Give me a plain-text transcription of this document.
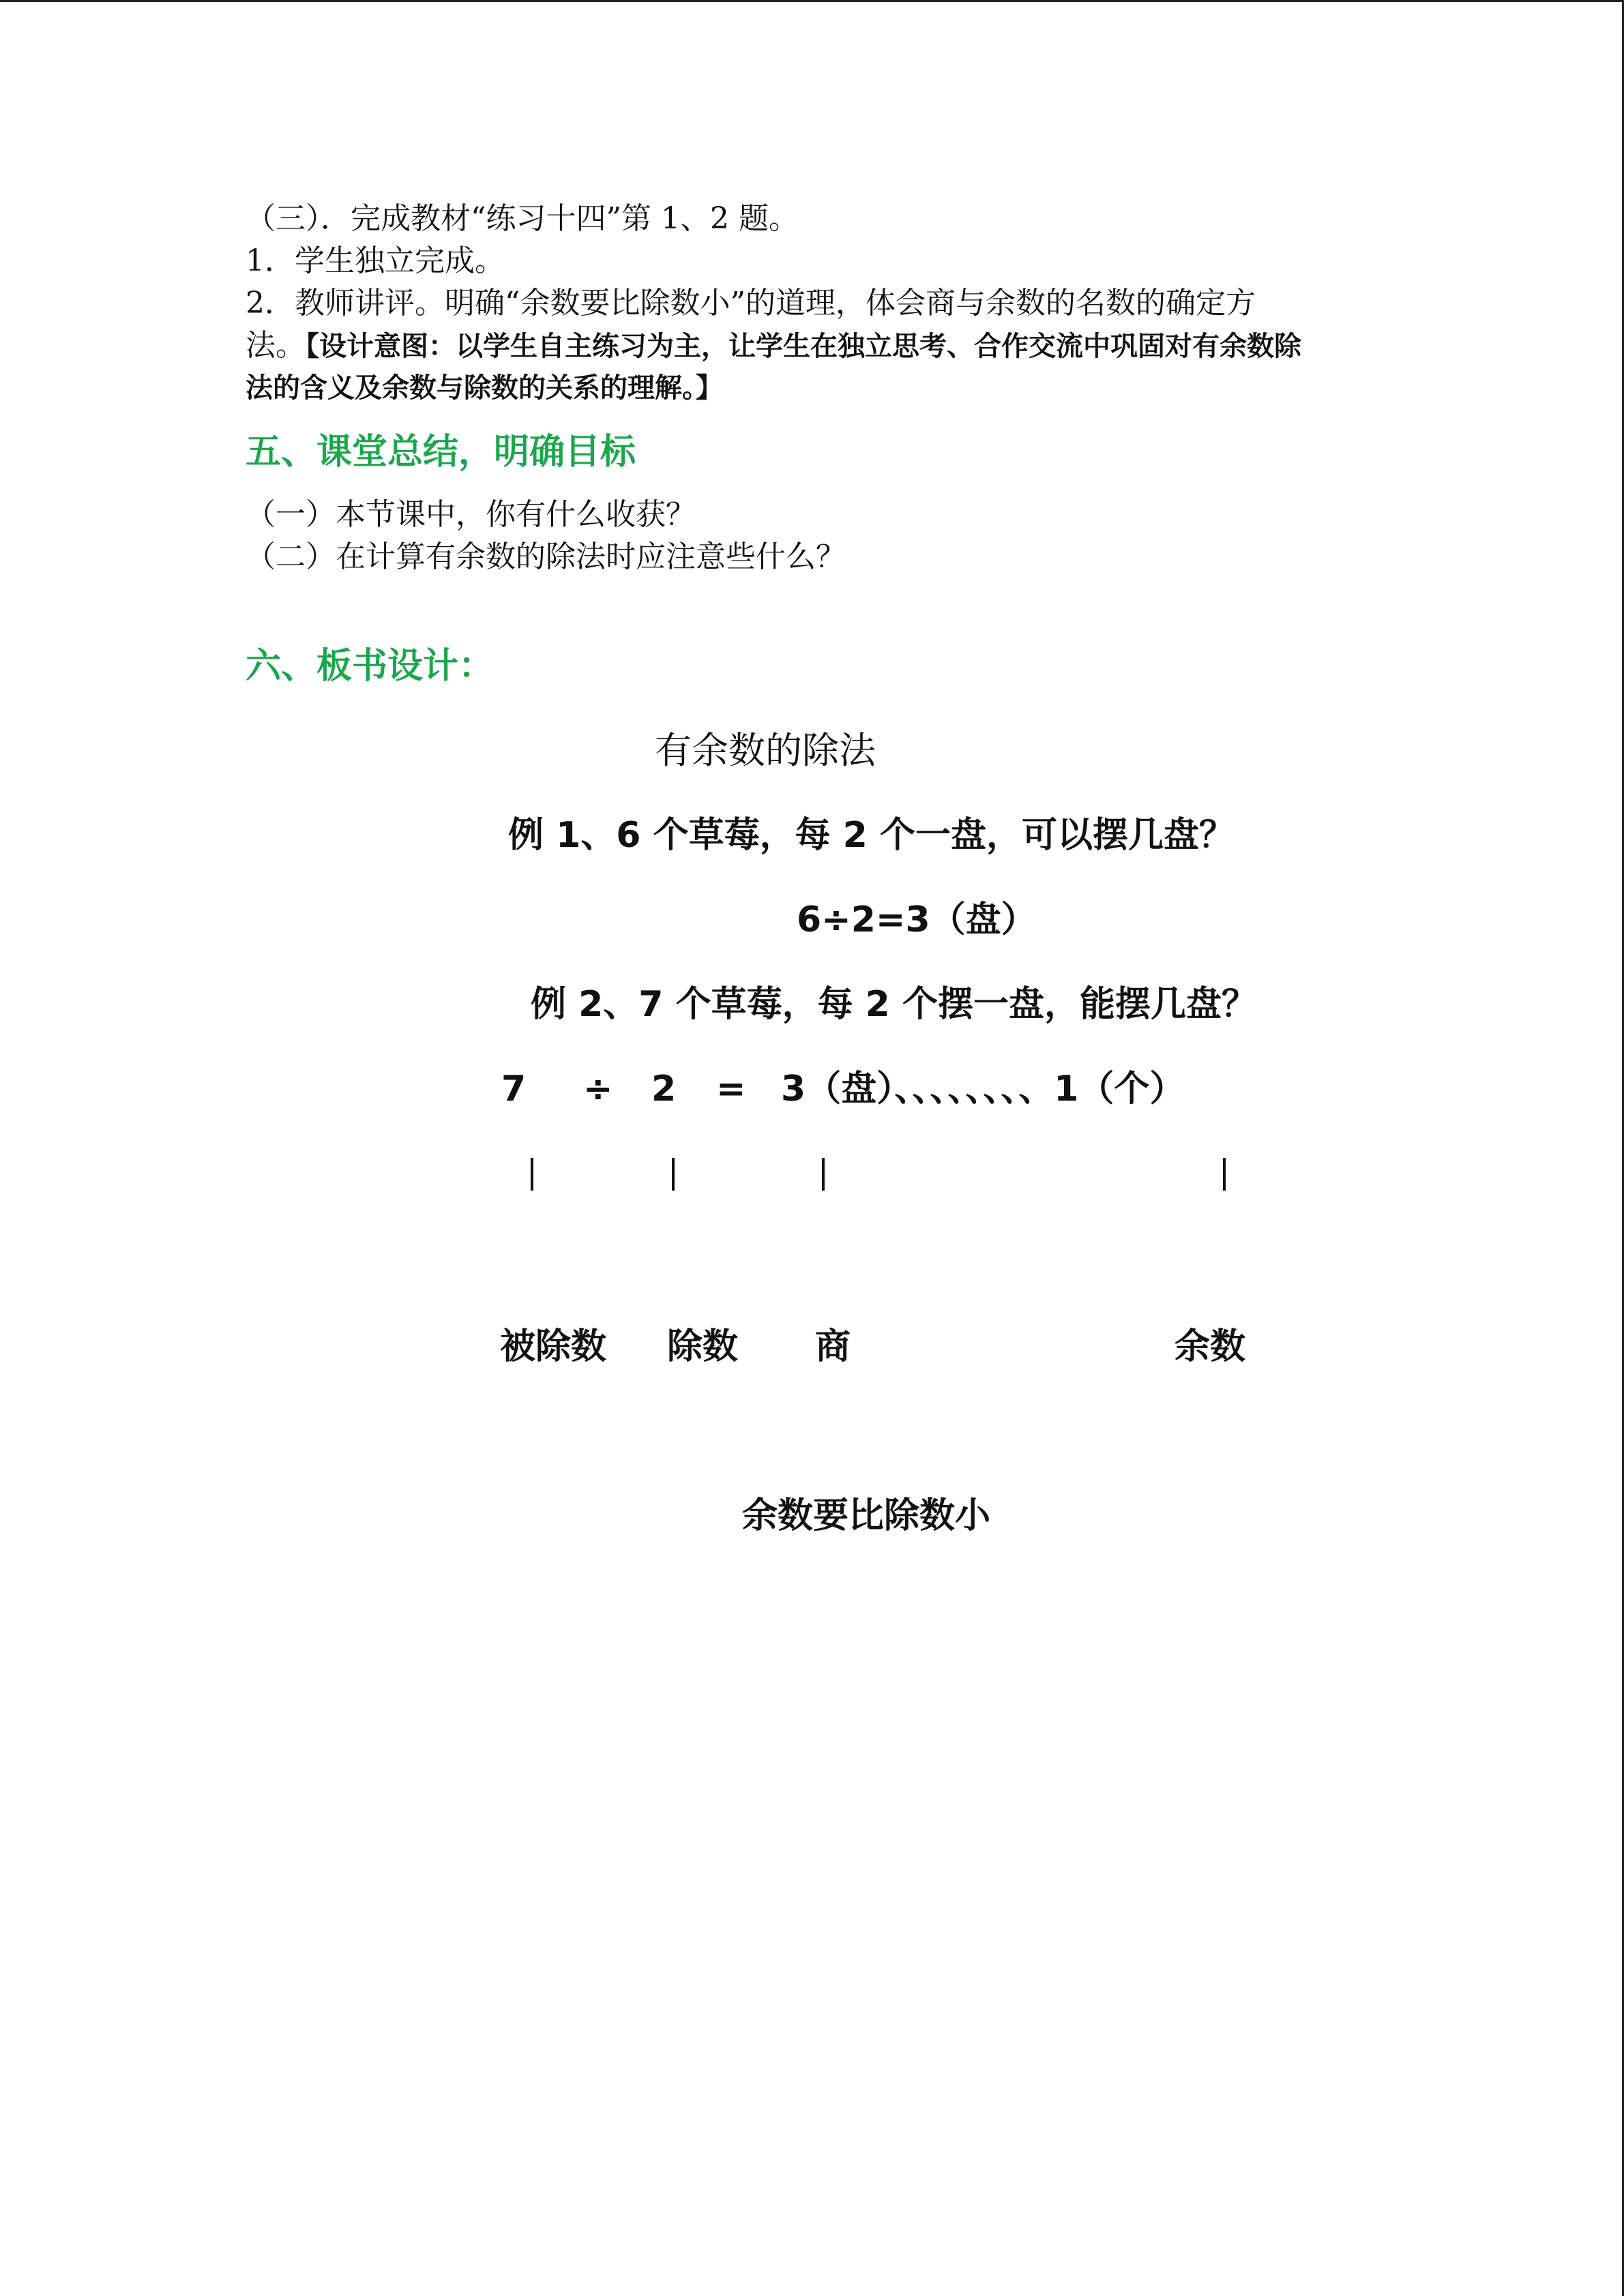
（三）．完成教材“练习十四”第 1、2 题。
1．学生独立完成。
2．教师讲评。明确“余数要比除数小”的道理，体会商与余数的名数的确定方
法。【设计意图：以学生自主练习为主，让学生在独立思考、合作交流中巩固对有余数除
法的含义及余数与除数的关系的理解。】
五、课堂总结，明确目标
（一）本节课中，你有什么收获？
（二）在计算有余数的除法时应注意些什么？
六、板书设计：
有余数的除法
例 1、6 个草莓，每 2 个一盘，可以摆几盘？
6÷2=3（盘）
例 2、7 个草莓，每 2 个摆一盘，能摆几盘？
7 ÷ 2 = 3（盘）、、、、、、、、1（个）
被除数 除数 商	余数
余数要比除数小
